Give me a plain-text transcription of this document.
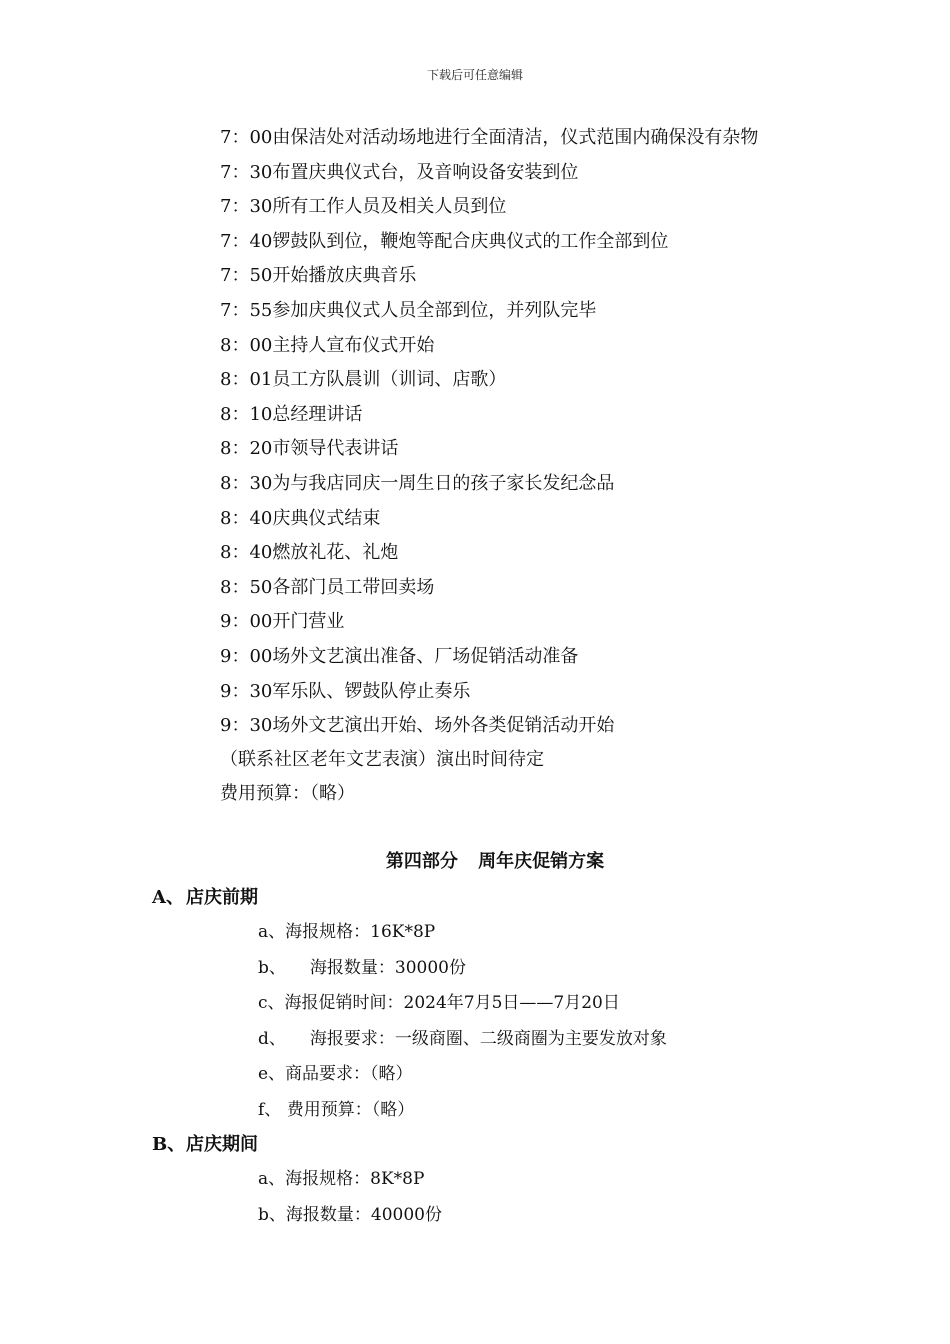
下载后可任意编辑
7：00由保洁处对活动场地进行全面清洁，仪式范围内确保没有杂物
7：30布置庆典仪式台，及音响设备安装到位
7：30所有工作人员及相关人员到位
7：40锣鼓队到位，鞭炮等配合庆典仪式的工作全部到位
7：50开始播放庆典音乐
7：55参加庆典仪式人员全部到位，并列队完毕
8：00主持人宣布仪式开始
8：01员工方队晨训（训词、店歌）
8：10总经理讲话
8：20市领导代表讲话
8：30为与我店同庆一周生日的孩子家长发纪念品
8：40庆典仪式结束
8：40燃放礼花、礼炮
8：50各部门员工带回卖场
9：00开门营业
9：00场外文艺演出准备、厂场促销活动准备
9：30军乐队、锣鼓队停止奏乐
9：30场外文艺演出开始、场外各类促销活动开始
（联系社区老年文艺表演）演出时间待定
费用预算：（略）
第四部分 周年庆促销方案
A、 店庆前期
a、海报规格：16K*8P
b、 海报数量：30000份
c、海报促销时间：2024年7月5日——7月20日
d、 海报要求：一级商圈、二级商圈为主要发放对象
e、商品要求：（略）
f、 费用预算：（略）
B、店庆期间
a、海报规格：8K*8P
b、海报数量：40000份
